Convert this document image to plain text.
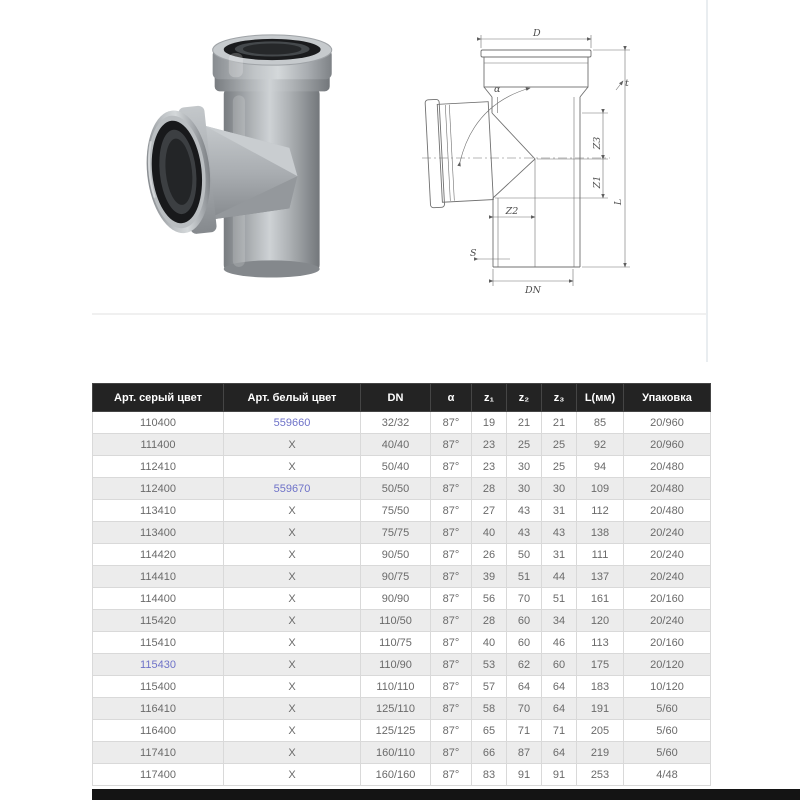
D
α
t
Z3
Z1
Z2
L
S
DN
Арт. серый цвет	Арт. белый цвет	DN	α	z₁	z₂	z₃	L(мм)	Упаковка
110400	559660	32/32	87°	19	21	21	85	20/960
111400	X	40/40	87°	23	25	25	92	20/960
112410	X	50/40	87°	23	30	25	94	20/480
112400	559670	50/50	87°	28	30	30	109	20/480
113410	X	75/50	87°	27	43	31	112	20/480
113400	X	75/75	87°	40	43	43	138	20/240
114420	X	90/50	87°	26	50	31	111	20/240
114410	X	90/75	87°	39	51	44	137	20/240
114400	X	90/90	87°	56	70	51	161	20/160
115420	X	110/50	87°	28	60	34	120	20/240
115410	X	110/75	87°	40	60	46	113	20/160
115430	X	110/90	87°	53	62	60	175	20/120
115400	X	110/110	87°	57	64	64	183	10/120
116410	X	125/110	87°	58	70	64	191	5/60
116400	X	125/125	87°	65	71	71	205	5/60
117410	X	160/110	87°	66	87	64	219	5/60
117400	X	160/160	87°	83	91	91	253	4/48
